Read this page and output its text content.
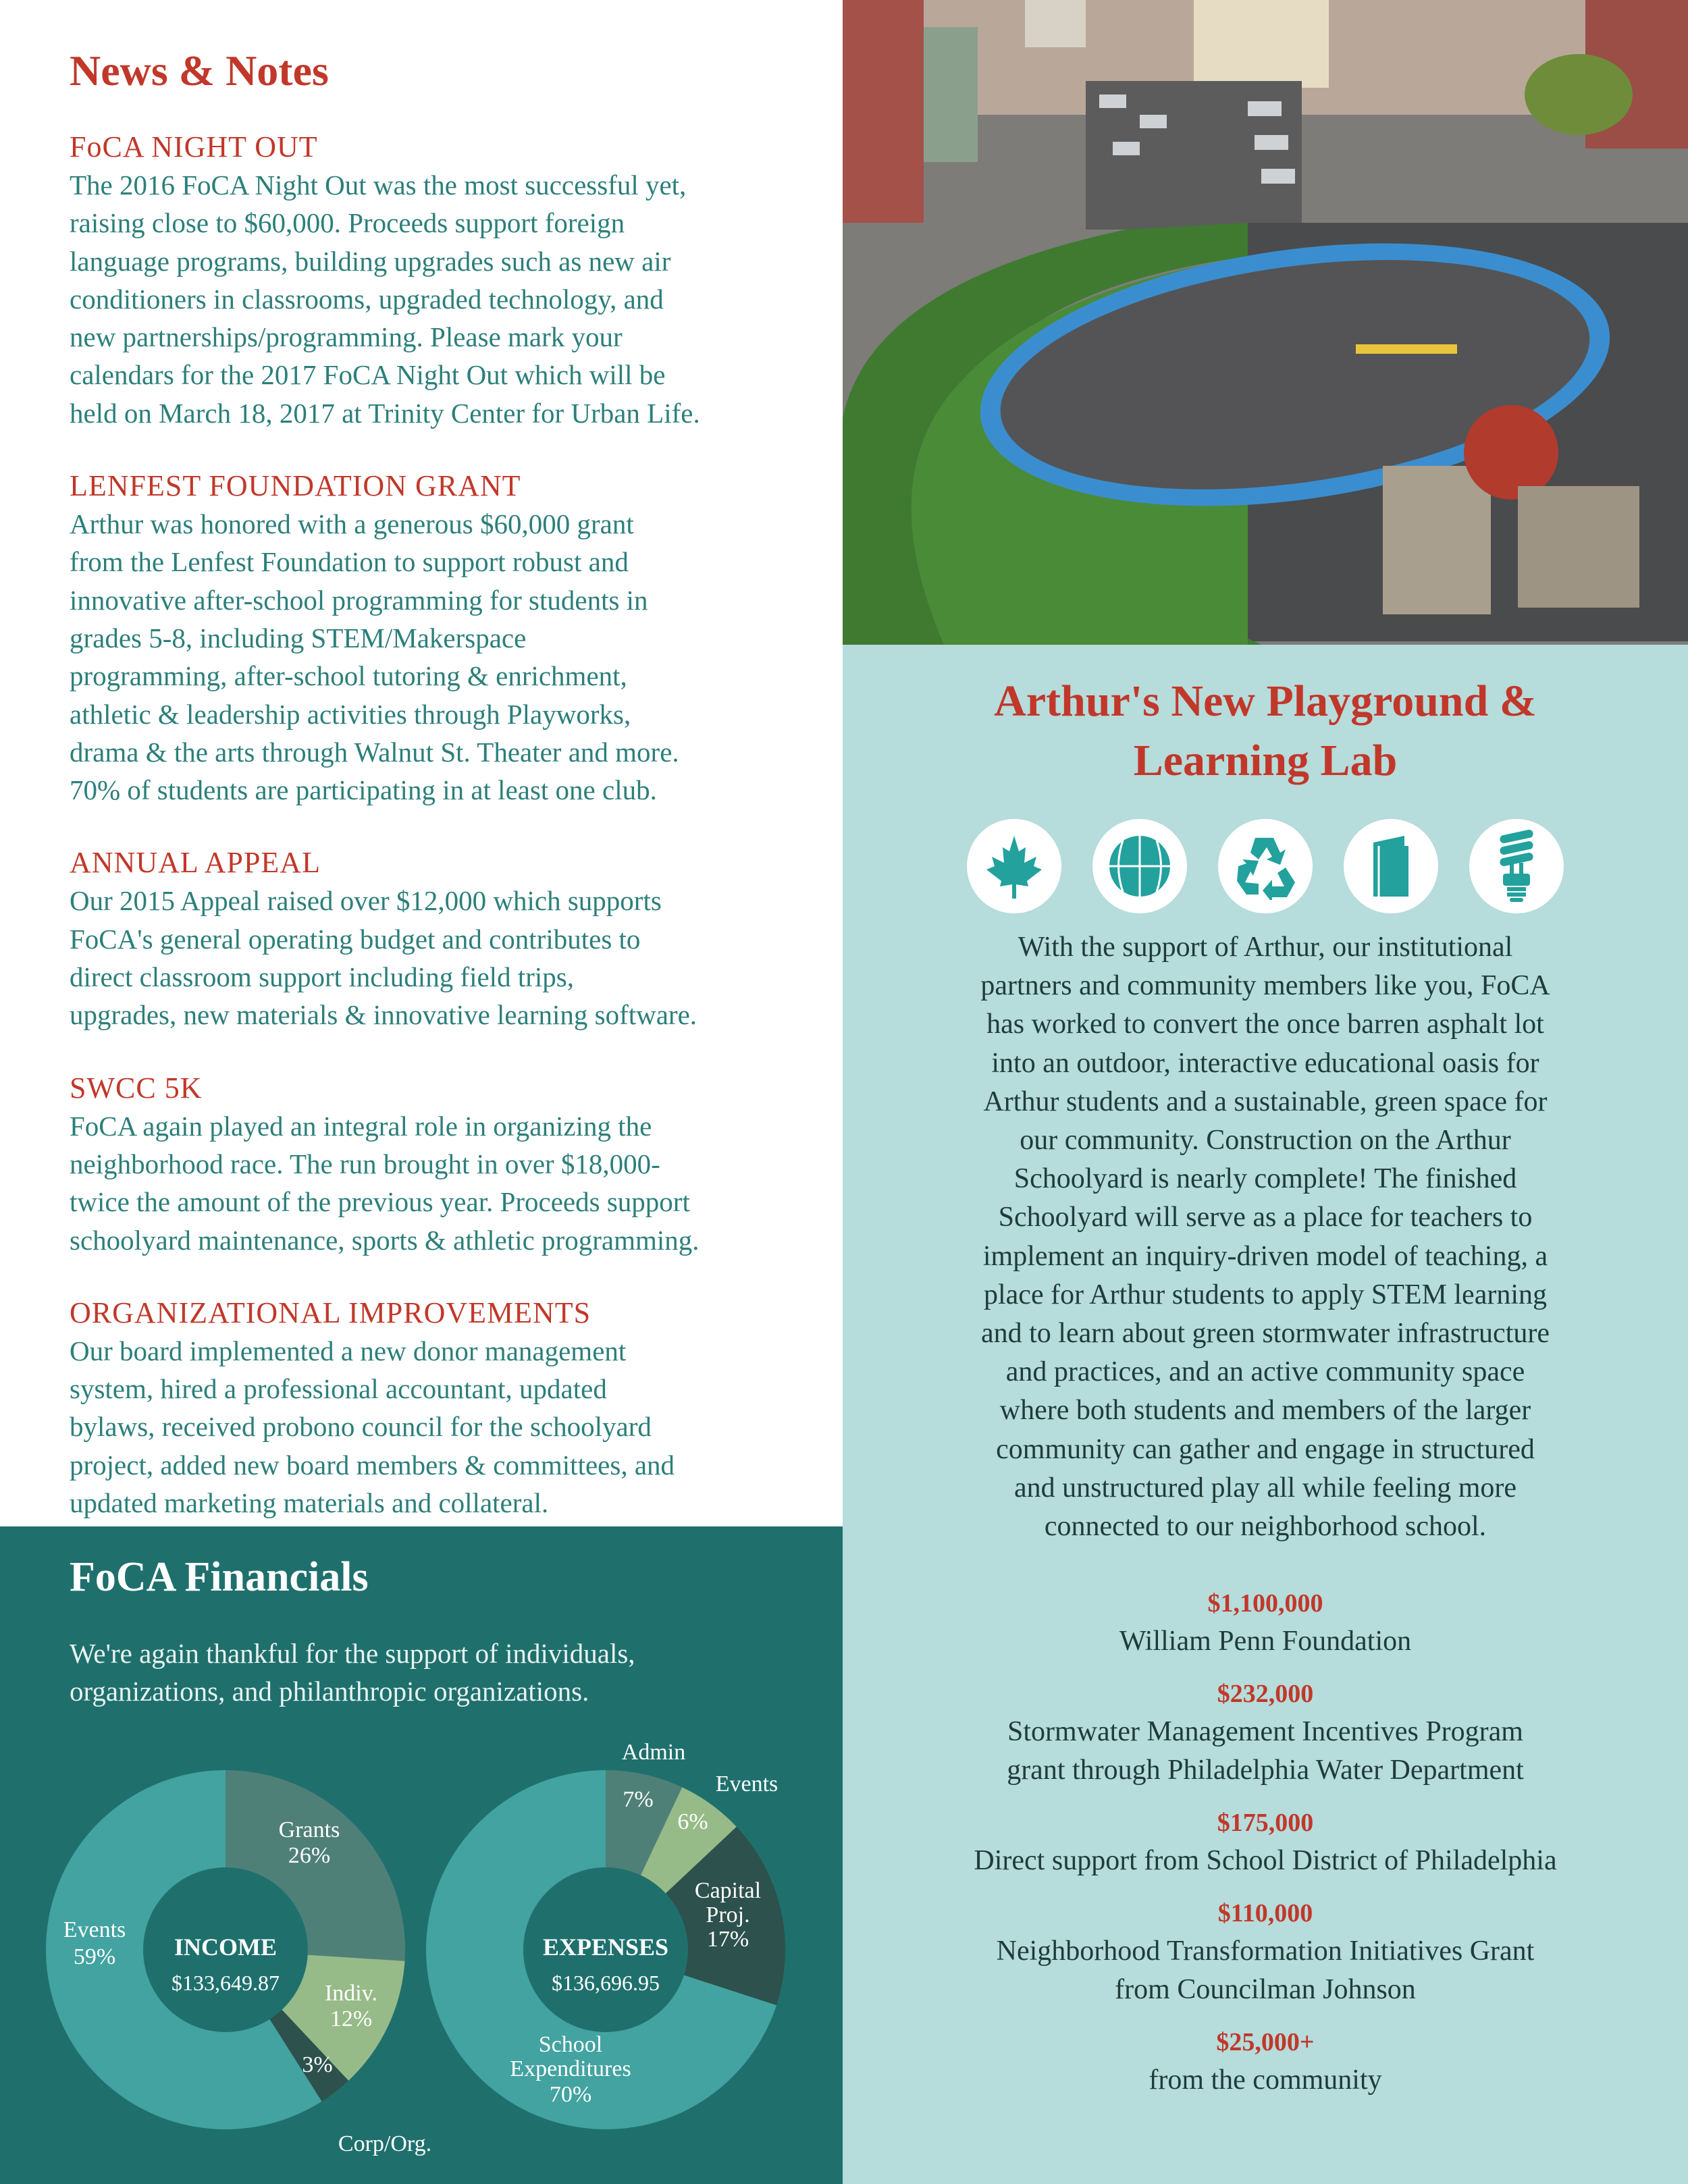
News & Notes
FoCA NIGHT OUT
The 2016 FoCA Night Out was the most successful yet,
raising close to $60,000. Proceeds support foreign
language programs, building upgrades such as new air
conditioners in classrooms, upgraded technology, and
new partnerships/programming. Please mark your
calendars for the 2017 FoCA Night Out which will be
held on March 18, 2017 at Trinity Center for Urban Life.
LENFEST FOUNDATION GRANT
Arthur was honored with a generous $60,000 grant
from the Lenfest Foundation to support robust and
innovative after-school programming for students in
grades 5-8, including STEM/Makerspace
programming, after-school tutoring & enrichment,
athletic & leadership activities through Playworks,
drama & the arts through Walnut St. Theater and more.
70% of students are participating in at least one club.
ANNUAL APPEAL
Our 2015 Appeal raised over $12,000 which supports
FoCA's general operating budget and contributes to
direct classroom support including field trips,
upgrades, new materials & innovative learning software.
SWCC 5K
FoCA again played an integral role in organizing the
neighborhood race. The run brought in over $18,000-
twice the amount of the previous year. Proceeds support
schoolyard maintenance, sports & athletic programming.
ORGANIZATIONAL IMPROVEMENTS
Our board implemented a new donor management
system, hired a professional accountant, updated
bylaws, received probono council for the schoolyard
project, added new board members & committees, and
updated marketing materials and collateral.
INCOME
$133,649.87
Grants
26%
Indiv.
12%
3%
Corp/Org.
Events
59%	EXPENSES
$136,696.95
Admin
7%
Events
6%
Capital Proj.
17%
School Expenditures
70%
FoCA Financials
We're again thankful for the support of individuals,
organizations, and philanthropic organizations.
Arthur's New Playground &
Learning Lab
With the support of Arthur, our institutional
partners and community members like you, FoCA
has worked to convert the once barren asphalt lot
into an outdoor, interactive educational oasis for
Arthur students and a sustainable, green space for
our community. Construction on the Arthur
Schoolyard is nearly complete! The finished
Schoolyard will serve as a place for teachers to
implement an inquiry-driven model of teaching, a
place for Arthur students to apply STEM learning
and to learn about green stormwater infrastructure
and practices, and an active community space
where both students and members of the larger
community can gather and engage in structured
and unstructured play all while feeling more
connected to our neighborhood school.
$1,100,000
William Penn Foundation
$232,000
Stormwater Management Incentives Program
grant through Philadelphia Water Department
$175,000
Direct support from School District of Philadelphia
$110,000
Neighborhood Transformation Initiatives Grant
from Councilman Johnson
$25,000+
from the community
